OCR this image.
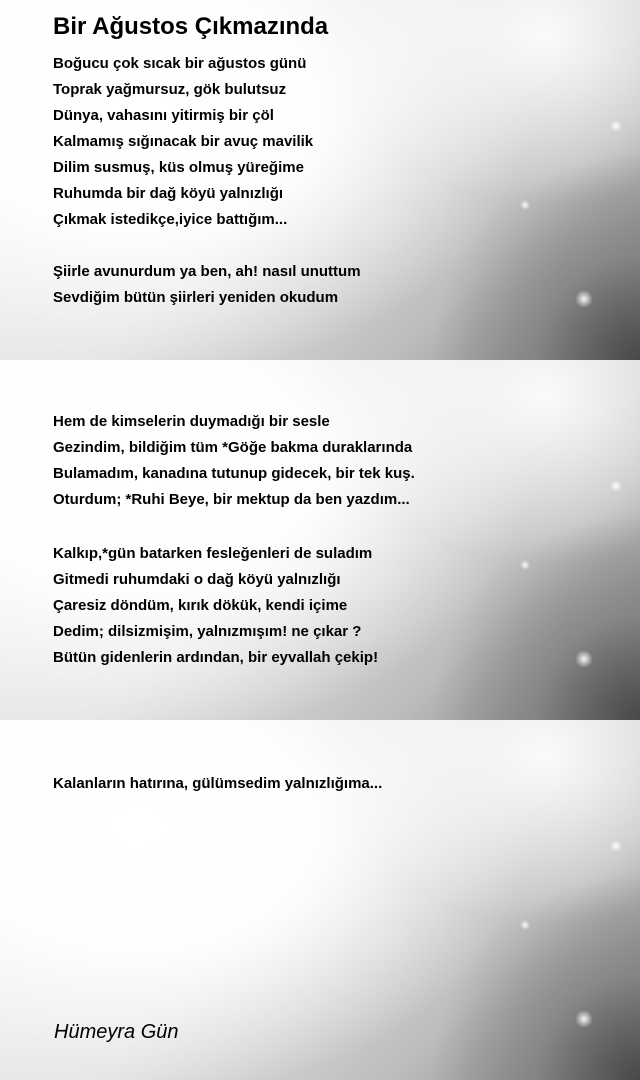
Bir Ağustos Çıkmazında
Boğucu çok sıcak bir ağustos günü
Toprak yağmursuz, gök bulutsuz
Dünya, vahasını yitirmiş bir çöl
Kalmamış sığınacak bir avuç mavilik
Dilim susmuş, küs olmuş yüreğime
Ruhumda bir dağ köyü yalnızlığı
Çıkmak istedikçe,iyice battığım...
Şiirle avunurdum ya ben, ah! nasıl unuttum
Sevdiğim bütün şiirleri yeniden okudum
Hem de kimselerin duymadığı bir sesle
Gezindim, bildiğim tüm *Göğe bakma duraklarında
Bulamadım, kanadına tutunup gidecek, bir tek kuş.
Oturdum; *Ruhi Beye, bir mektup da ben yazdım...
Kalkıp,*gün batarken fesleğenleri de suladım
Gitmedi ruhumdaki o dağ köyü yalnızlığı
Çaresiz döndüm, kırık dökük, kendi içime
Dedim; dilsizmişim, yalnızmışım! ne çıkar ?
Bütün gidenlerin ardından, bir eyvallah çekip!
Kalanların hatırına, gülümsedim yalnızlığıma...

Hümeyra Gün
